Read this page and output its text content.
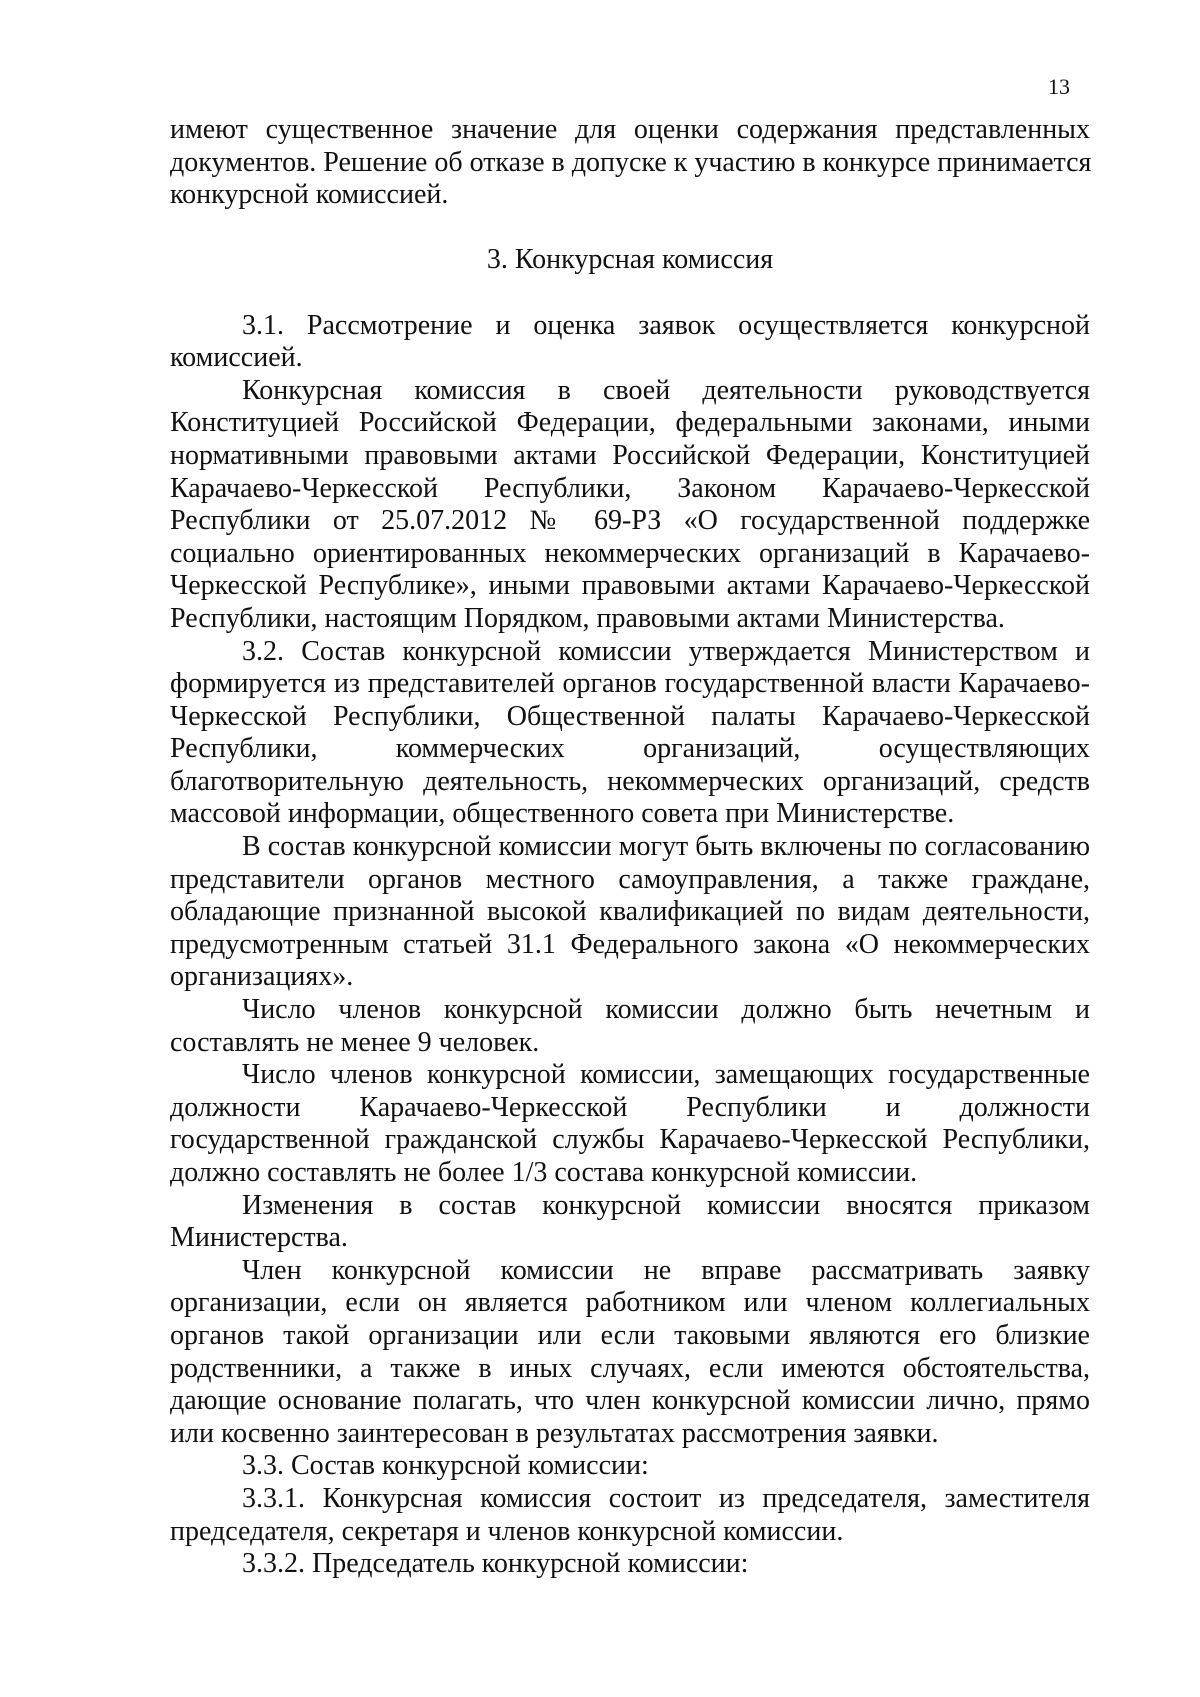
13
имеют существенное значение для оценки содержания представленных
документов. Решение об отказе в допуске к участию в конкурсе принимается
конкурсной комиссией.
3. Конкурсная комиссия
3.1. Рассмотрение и оценка заявок осуществляется конкурсной
комиссией.
Конкурсная комиссия в своей деятельности руководствуется
Конституцией Российской Федерации, федеральными законами, иными
нормативными правовыми актами Российской Федерации, Конституцией
Карачаево-Черкесской Республики, Законом Карачаево-Черкесской
Республики от 25.07.2012 № 69-РЗ «О государственной поддержке
социально ориентированных некоммерческих организаций в Карачаево-
Черкесской Республике», иными правовыми актами Карачаево-Черкесской
Республики, настоящим Порядком, правовыми актами Министерства.
3.2. Состав конкурсной комиссии утверждается Министерством и
формируется из представителей органов государственной власти Карачаево-
Черкесской Республики, Общественной палаты Карачаево-Черкесской
Республики, коммерческих организаций, осуществляющих
благотворительную деятельность, некоммерческих организаций, средств
массовой информации, общественного совета при Министерстве.
В состав конкурсной комиссии могут быть включены по согласованию
представители органов местного самоуправления, а также граждане,
обладающие признанной высокой квалификацией по видам деятельности,
предусмотренным статьей 31.1 Федерального закона «О некоммерческих
организациях».
Число членов конкурсной комиссии должно быть нечетным и
составлять не менее 9 человек.
Число членов конкурсной комиссии, замещающих государственные
должности Карачаево-Черкесской Республики и должности
государственной гражданской службы Карачаево-Черкесской Республики,
должно составлять не более 1/3 состава конкурсной комиссии.
Изменения в состав конкурсной комиссии вносятся приказом
Министерства.
Член конкурсной комиссии не вправе рассматривать заявку
организации, если он является работником или членом коллегиальных
органов такой организации или если таковыми являются его близкие
родственники, а также в иных случаях, если имеются обстоятельства,
дающие основание полагать, что член конкурсной комиссии лично, прямо
или косвенно заинтересован в результатах рассмотрения заявки.
3.3. Состав конкурсной комиссии:
3.3.1. Конкурсная комиссия состоит из председателя, заместителя
председателя, секретаря и членов конкурсной комиссии.
3.3.2. Председатель конкурсной комиссии:
